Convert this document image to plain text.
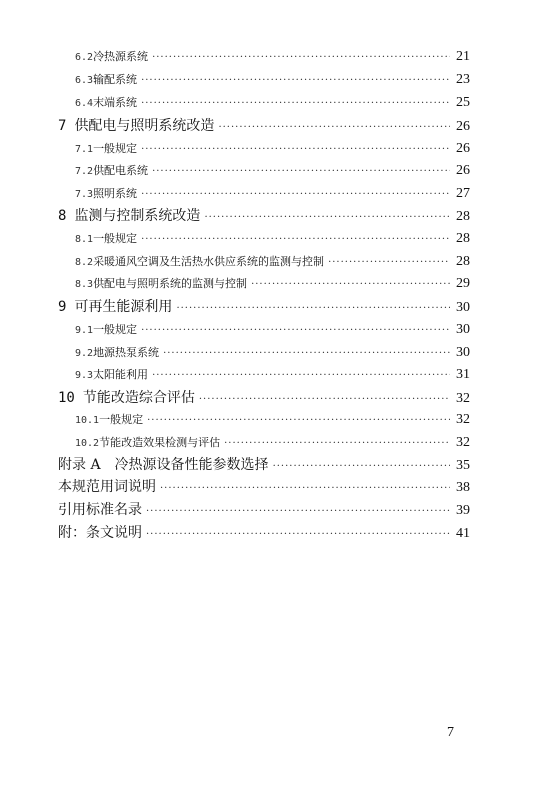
6.2 冷热源系统 ·····	21
6.3 输配系统 ·····	23
6.4 末端系统 ·····	25
7 供配电与照明系统改造 ·····	26
7.1 一般规定 ·····	26
7.2 供配电系统 ·····	26
7.3 照明系统 ·····	27
8 监测与控制系统改造 ·····	28
8.1 一般规定 ·····	28
8.2 采暖通风空调及生活热水供应系统的监测与控制 ·····	28
8.3 供配电与照明系统的监测与控制 ·····	29
9 可再生能源利用 ·····	30
9.1 一般规定 ·····	30
9.2 地源热泵系统 ·····	30
9.3 太阳能利用 ·····	31
10 节能改造综合评估 ·····	32
10.1 一般规定 ·····	32
10.2 节能改造效果检测与评估 ·····	32
附录 A　冷热源设备性能参数选择 ·····	35
本规范用词说明 ·····	38
引用标准名录 ·····	39
附：条文说明 ·····	41
7
